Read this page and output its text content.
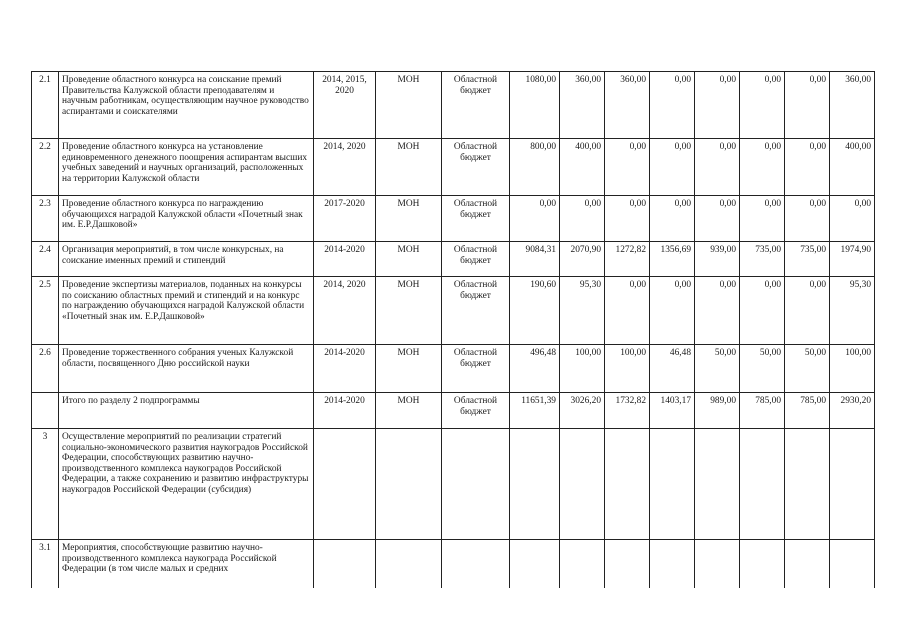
2.1	Проведение областного конкурса на соискание премий Правительства Калужской области преподавателям и научным работникам, осуществляющим научное руководство аспирантами и соискателями	2014, 2015, 2020	МОН	Областной бюджет	1080,00	360,00	360,00	0,00	0,00	0,00	0,00	360,00
2.2	Проведение областного конкурса на установление единовременного денежного поощрения аспирантам высших учебных заведений и научных организаций, расположенных на территории Калужской области	2014, 2020	МОН	Областной бюджет	800,00	400,00	0,00	0,00	0,00	0,00	0,00	400,00
2.3	Проведение областного конкурса по награждению обучающихся наградой Калужской области «Почетный знак им. Е.Р.Дашковой»	2017-2020	МОН	Областной бюджет	0,00	0,00	0,00	0,00	0,00	0,00	0,00	0,00
2.4	Организация мероприятий, в том числе конкурсных, на соискание именных премий и стипендий	2014-2020	МОН	Областной бюджет	9084,31	2070,90	1272,82	1356,69	939,00	735,00	735,00	1974,90
2.5	Проведение экспертизы материалов, поданных на конкурсы по соисканию областных премий и стипендий и на конкурс по награждению обучающихся наградой Калужской области «Почетный знак им. Е.Р.Дашковой»	2014, 2020	МОН	Областной бюджет	190,60	95,30	0,00	0,00	0,00	0,00	0,00	95,30
2.6	Проведение торжественного собрания ученых Калужской области, посвященного Дню российской науки	2014-2020	МОН	Областной бюджет	496,48	100,00	100,00	46,48	50,00	50,00	50,00	100,00
	Итого по разделу 2 подпрограммы	2014-2020	МОН	Областной бюджет	11651,39	3026,20	1732,82	1403,17	989,00	785,00	785,00	2930,20
3	Осуществление мероприятий по реализации стратегий социально-экономического развития наукоградов Российской Федерации, способствующих развитию научно-производственного комплекса наукоградов Российской Федерации, а также сохранению и развитию инфраструктуры наукоградов Российской Федерации (субсидия)											
3.1	Мероприятия, способствующие развитию научно-производственного комплекса наукограда Российской Федерации (в том числе малых и средних											
